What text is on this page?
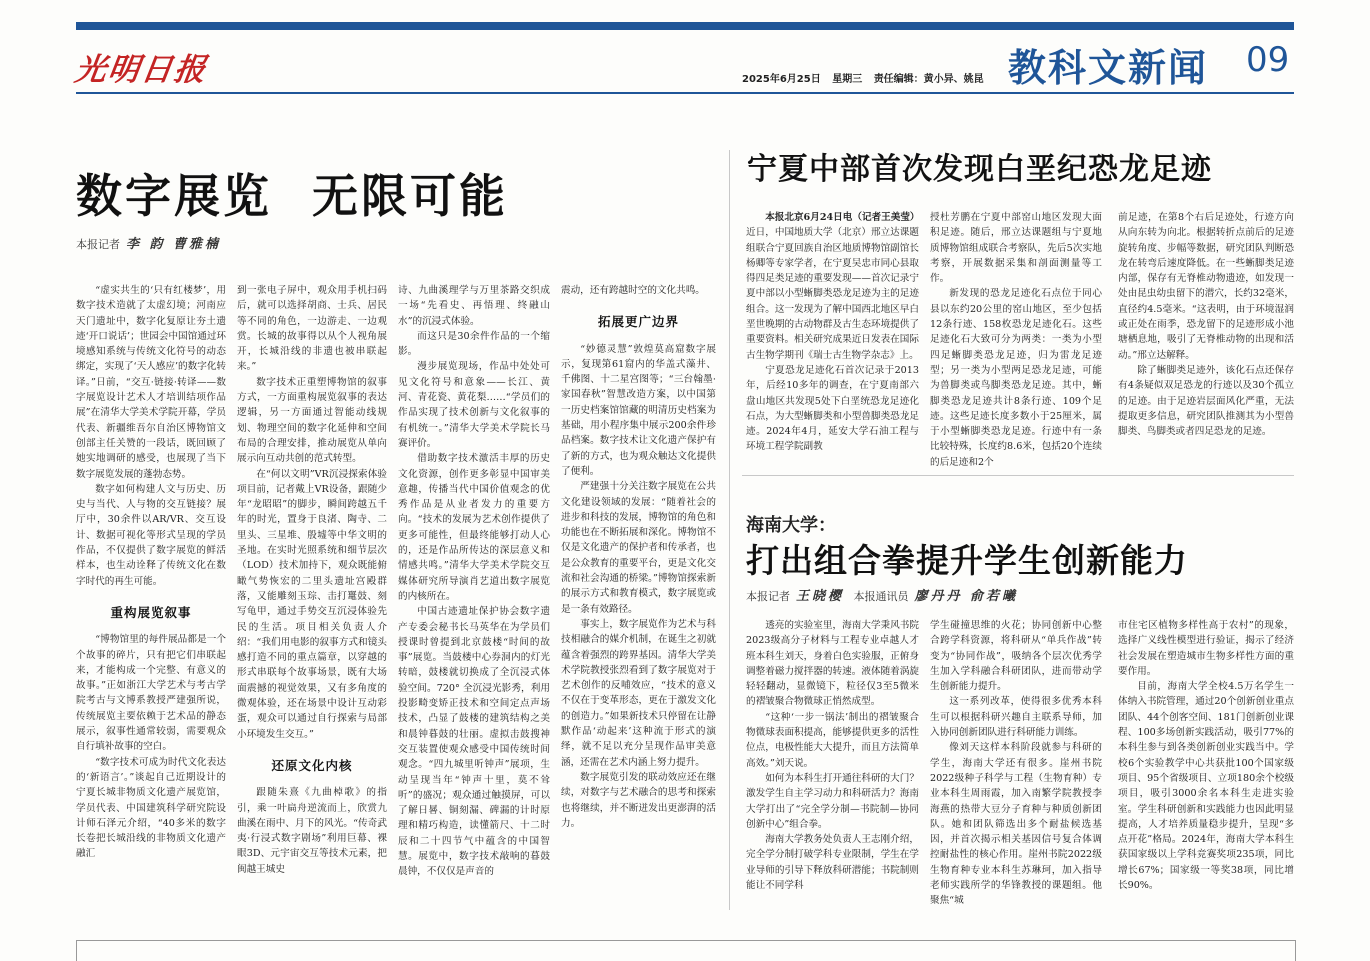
光明日报	2025年6月25日 星期三 责任编辑：黄小异、姚昆 教科文新闻 09
数字展览 无限可能
本报记者 李 韵 曹雅楠

“虚实共生的‘只有红楼梦’，用数字技术造就了太虚幻境；河南应天门遗址中，数字化复原让夯土遗迹‘开口说话’；世园会中国馆通过环境感知系统与传统文化符号的动态绑定，实现了‘天人感应’的数字化转译。”日前，“交互·链接·转译——数字展览设计艺术人才培训结项作品展”在清华大学美术学院开幕，学员代表、新疆维吾尔自治区博物馆文创部主任关赞的一段话，既回顾了她实地调研的感受，也展现了当下数字展览发展的蓬勃态势。

数字如何构建人文与历史、历史与当代、人与物的交互链接？展厅中，30余件以AR/VR、交互设计、数据可视化等形式呈现的学员作品，不仅提供了数字展览的鲜活样本，也生动诠释了传统文化在数字时代的再生可能。

重构展览叙事

“博物馆里的每件展品都是一个个故事的碎片，只有把它们串联起来，才能构成一个完整、有意义的故事。”正如浙江大学艺术与考古学院考古与文博系教授严建强所说，传统展览主要依赖于艺术品的静态展示，叙事性通常较弱，需要观众自行填补故事的空白。

“数字技术可成为时代文化表达的‘新语言’。”谈起自己近期设计的宁夏长城非物质文化遗产展览馆，学员代表、中国建筑科学研究院设计师石泽元介绍，“40多米的数字长卷把长城沿线的非物质文化遗产融汇

到一张电子屏中，观众用手机扫码后，就可以选择胡商、士兵、居民等不同的角色，一边游走、一边观赏。长城的故事得以从个人视角展开，长城沿线的非遗也被串联起来。”

数字技术正重塑博物馆的叙事方式，一方面重构展览叙事的表达逻辑，另一方面通过智能动线规划、物理空间的数字化延伸和空间布局的合理安排，推动展览从单向展示向互动共创的范式转型。

在“何以文明”VR沉浸探索体验项目前，记者戴上VR设备，跟随少年“龙昭昭”的脚步，瞬间跨越五千年的时光，置身于良渚、陶寺、二里头、三星堆、殷墟等中华文明的圣地。在实时光照系统和细节层次（LOD）技术加持下，观众既能俯瞰气势恢宏的二里头遗址宫殿群落，又能雕刻玉琮、击打鼍鼓、刻写龟甲，通过手势交互沉浸体验先民的生活。项目相关负责人介绍：“我们用电影的叙事方式和镜头感打造不同的重点篇章，以穿越的形式串联每个故事场景，既有大场面震撼的视觉效果，又有多角度的微观体验，还在场景中设计互动彩蛋，观众可以通过自行探索与局部小环境发生交互。”

还原文化内核

跟随朱熹《九曲棹歌》的指引，乘一叶扁舟逆流而上，欣赏九曲溪在雨中、月下的风光。“传奇武夷·行浸式数字剧场”利用巨幕、裸眼3D、元宇宙交互等技术元素，把闽越王城史

诗、九曲溪理学与万里茶路交织成一场“先看史、再悟理、终融山水”的沉浸式体验。

而这只是30余件作品的一个缩影。

漫步展览现场，作品中处处可见文化符号和意象——长江、黄河、青花瓷、黄花梨……“学员们的作品实现了技术创新与文化叙事的有机统一。”清华大学美术学院长马赛评价。

借助数字技术激活丰厚的历史文化资源，创作更多彰显中国审美意趣，传播当代中国价值观念的优秀作品是从业者发力的重要方向。“技术的发展为艺术创作提供了更多可能性，但最终能够打动人心的，还是作品所传达的深层意义和情感共鸣。”清华大学美术学院交互媒体研究所导演肖艺道出数字展览的内核所在。

中国古迹遗址保护协会数字遗产专委会秘书长马英华在为学员们授课时曾提到北京鼓楼“时间的故事”展览。当鼓楼中心券洞内的灯光转暗，鼓楼就切换成了全沉浸式体验空间。720° 全沉浸光影秀，利用投影畸变矫正技术和空间定点声场技术，凸显了鼓楼的建筑结构之美和晨钟暮鼓的壮丽。虚拟击鼓搜神交互装置使观众感受中国传统时间观念。“四九城里听钟声”展项，生动呈现当年“钟声十里，莫不耸听”的盛况；观众通过触摸屏，可以了解日晷、铜刻漏、碑漏的计时原理和精巧构造，读懂箭尺、十二时辰和二十四节气中蕴含的中国智慧。展览中，数字技术敲响的暮鼓晨钟，不仅仅是声音的

震动，还有跨越时空的文化共鸣。

拓展更广边界

“妙德灵慧”敦煌莫高窟数字展示，复现第61窟内的华盖式藻井、千佛图、十二星宫图等；“三台翰墨·家国春秋”智慧改造方案，以中国第一历史档案馆馆藏的明清历史档案为基础，用小程序集中展示200余件珍品档案。数字技术让文化遗产保护有了新的方式，也为观众触达文化提供了便利。

严建强十分关注数字展览在公共文化建设领域的发展：“随着社会的进步和科技的发展，博物馆的角色和功能也在不断拓展和深化。博物馆不仅是文化遗产的保护者和传承者，也是公众教育的重要平台，更是文化交流和社会沟通的桥梁。”博物馆探索新的展示方式和教育模式，数字展览或是一条有效路径。

事实上，数字展览作为艺术与科技相融合的媒介机制，在诞生之初就蕴含着强烈的跨界基因。清华大学美术学院教授张烈看到了数字展览对于艺术创作的反哺效应，“技术的意义不仅在于变革形态，更在于激发文化的创造力。”如果新技术只停留在让静默作品‘动起来’这种流于形式的演绎，就不足以充分呈现作品审美意涵，还需在艺术内涵上努力提升。

数字展览引发的联动效应还在继续，对数字与艺术融合的思考和探索也将继续，并不断迸发出更澎湃的活力。

宁夏中部首次发现白垩纪恐龙足迹

本报北京6月24日电（记者王美莹）近日，中国地质大学（北京）邢立达课题组联合宁夏回族自治区地质博物馆副馆长杨卿等专家学者，在宁夏吴忠市同心县取得四足类足迹的重要发现——首次记录宁夏中部以小型蜥脚类恐龙足迹为主的足迹组合。这一发现为了解中国西北地区早白垩世晚期的古动物群及古生态环境提供了重要资料。相关研究成果近日发表在国际古生物学期刊《瑞士古生物学杂志》上。

宁夏恐龙足迹化石首次记录于2013年，后经10多年的调查，在宁夏南部六盘山地区共发现5处下白垩统恐龙足迹化石点，为大型蜥脚类和小型兽脚类恐龙足迹。2024年4月，延安大学石油工程与环境工程学院副教

授杜芳鹏在宁夏中部窑山地区发现大面积足迹。随后，邢立达课题组与宁夏地质博物馆组成联合考察队，先后5次实地考察，开展数据采集和剖面测量等工作。

新发现的恐龙足迹化石点位于同心县以东约20公里的窑山地区，至少包括12条行迹、158枚恐龙足迹化石。这些足迹化石大致可分为两类：一类为小型四足蜥脚类恐龙足迹，归为雷龙足迹型；另一类为小型两足恐龙足迹，可能为兽脚类或鸟脚类恐龙足迹。其中，蜥脚类恐龙足迹共计8条行迹、109个足迹。这些足迹长度多数小于25厘米，属于小型蜥脚类恐龙足迹。行迹中有一条比较特殊，长度约8.6米，包括20个连续的后足迹和2个

前足迹，在第8个右后足迹处，行迹方向从向东转为向北。根据转折点前后的足迹旋转角度、步幅等数据，研究团队判断恐龙在转弯后速度降低。在一些蜥脚类足迹内部，保存有无脊椎动物遗迹，如发现一处由昆虫幼虫留下的潜穴，长约32毫米，直径约4.5毫米。“这表明，由于环境湿润或正处在雨季，恐龙留下的足迹形成小池塘栖息地，吸引了无脊椎动物的出现和活动。”邢立达解释。

除了蜥脚类足迹外，该化石点还保存有4条疑似双足恐龙的行迹以及30个孤立的足迹。由于足迹岩层面风化严重，无法提取更多信息，研究团队推测其为小型兽脚类、鸟脚类或者四足恐龙的足迹。

海南大学：
打出组合拳提升学生创新能力
本报记者 王晓樱 本报通讯员 廖丹丹 俞若曦

透亮的实验室里，海南大学秉风书院2023级高分子材料与工程专业卓越人才班本科生刘天，身着白色实验服，正俯身调整着磁力搅拌器的转速。液体随着涡旋轻轻翻动，显微镜下，粒径仅3至5微米的褶皱聚合物微球正悄然成型。

“这种‘一步一锅法’制出的褶皱聚合物微球表面积提高，能够提供更多的活性位点，电极性能大大提升，而且方法简单高效。”刘天说。

如何为本科生打开通往科研的大门？激发学生自主学习动力和科研活力？海南大学打出了“完全学分制—书院制—协同创新中心”组合拳。

海南大学教务处负责人王志刚介绍，完全学分制打破学科专业限制，学生在学业导师的引导下释放科研潜能；书院制则能让不同学科

学生碰撞思维的火花；协同创新中心整合跨学科资源，将科研从“单兵作战”转变为“协同作战”，吸纳各个层次优秀学生加入学科融合科研团队，进而带动学生创新能力提升。

这一系列改革，使得很多优秀本科生可以根据科研兴趣自主联系导师，加入协同创新团队进行科研能力训练。

像刘天这样本科阶段就参与科研的学生，海南大学还有很多。崖州书院2022级种子科学与工程（生物育种）专业本科生周雨霞，加入南繁学院教授李海燕的热带大豆分子育种与种质创新团队。她和团队筛选出多个耐盐候选基因，并首次揭示相关基因信号复合体调控耐盐性的核心作用。崖州书院2022级生物育种专业本科生苏琳珂，加入指导老师实践所学的华锋教授的课题组。他聚焦“城

市住宅区植物多样性高于农村”的现象，选择广义线性模型进行验证，揭示了经济社会发展在塑造城市生物多样性方面的重要作用。

目前，海南大学全校4.5万名学生一体纳入书院管理，通过20个创新创业重点团队、44个创客空间、181门创新创业课程、100多场创新实践活动，吸引77%的本科生参与到各类创新创业实践当中。学校6个实验教学中心共获批100个国家级项目、95个省级项目、立项180余个校级项目，吸引3000余名本科生走进实验室。学生科研创新和实践能力也因此明显提高，人才培养质量稳步提升，呈现“多点开花”格局。2024年，海南大学本科生获国家级以上学科竞赛奖项235项，同比增长67%；国家级一等奖38项，同比增长90%。
